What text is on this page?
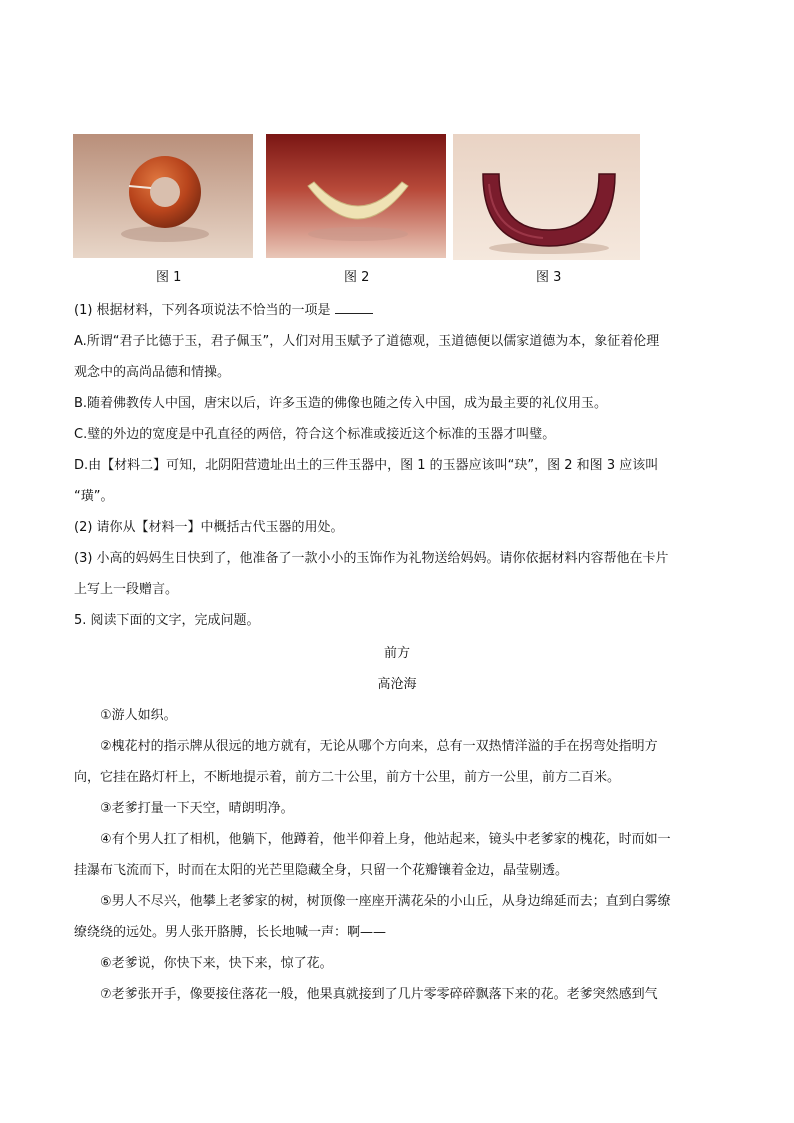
图 1	图 2	图 3
(1) 根据材料，下列各项说法不恰当的一项是
A.所谓“君子比德于玉，君子佩玉”，人们对用玉赋予了道德观，玉道德便以儒家道德为本，象征着伦理
观念中的高尚品德和情操。
B.随着佛教传人中国，唐宋以后，许多玉造的佛像也随之传入中国，成为最主要的礼仪用玉。
C.璧的外边的宽度是中孔直径的两倍，符合这个标准或接近这个标准的玉器才叫璧。
D.由【材料二】可知，北阴阳营遗址出土的三件玉器中，图 1 的玉器应该叫“玦”，图 2 和图 3 应该叫
“璜”。
(2) 请你从【材料一】中概括古代玉器的用处。
(3) 小高的妈妈生日快到了，他准备了一款小小的玉饰作为礼物送给妈妈。请你依据材料内容帮他在卡片
上写上一段赠言。
5. 阅读下面的文字，完成问题。
前方
高沧海
①游人如织。
②槐花村的指示牌从很远的地方就有，无论从哪个方向来，总有一双热情洋溢的手在拐弯处指明方
向，它挂在路灯杆上，不断地提示着，前方二十公里，前方十公里，前方一公里，前方二百米。
③老爹打量一下天空，晴朗明净。
④有个男人扛了相机，他躺下，他蹲着，他半仰着上身，他站起来，镜头中老爹家的槐花，时而如一
挂瀑布飞流而下，时而在太阳的光芒里隐藏全身，只留一个花瓣镶着金边，晶莹剔透。
⑤男人不尽兴，他攀上老爹家的树，树顶像一座座开满花朵的小山丘，从身边绵延而去；直到白雾缭
缭绕绕的远处。男人张开胳膊，长长地喊一声：啊——
⑥老爹说，你快下来，快下来，惊了花。
⑦老爹张开手，像要接住落花一般，他果真就接到了几片零零碎碎飘落下来的花。老爹突然感到气
